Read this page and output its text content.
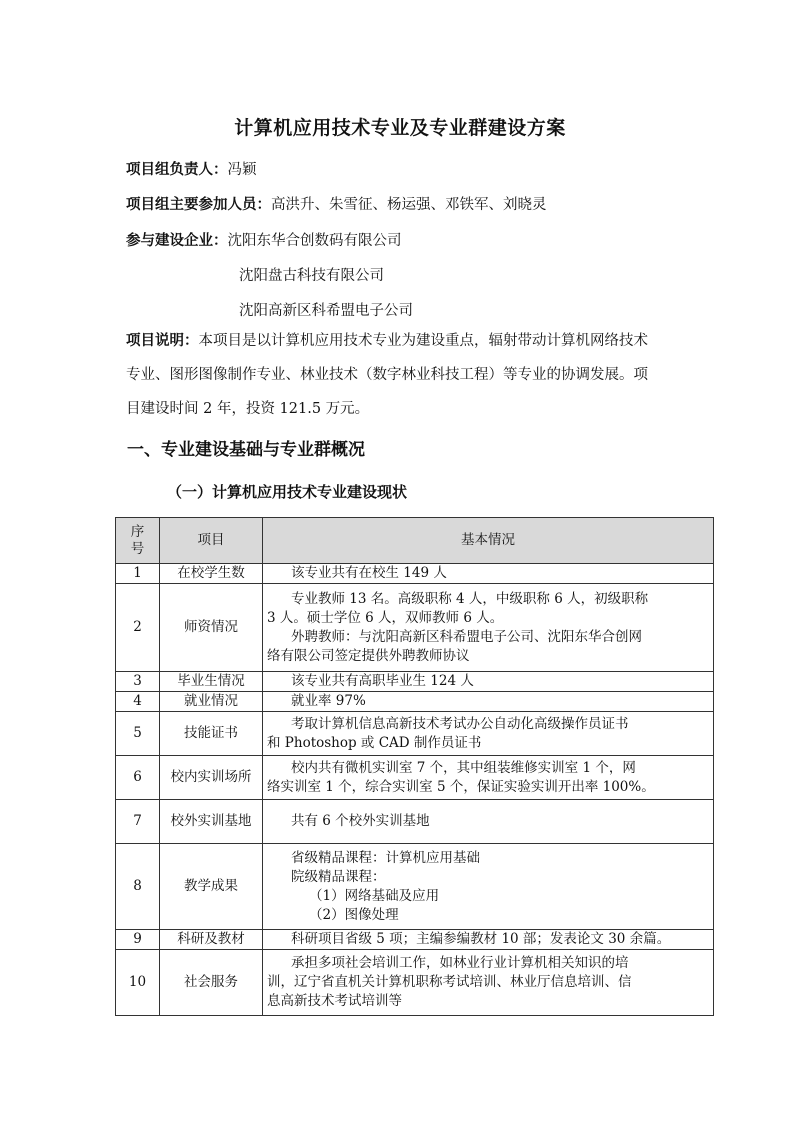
计算机应用技术专业及专业群建设方案
项目组负责人：冯颖
项目组主要参加人员：高洪升、朱雪征、杨运强、邓铁军、刘晓灵
参与建设企业：沈阳东华合创数码有限公司
沈阳盘古科技有限公司
沈阳高新区科希盟电子公司
项目说明：本项目是以计算机应用技术专业为建设重点，辐射带动计算机网络技术
专业、图形图像制作专业、林业技术（数字林业科技工程）等专业的协调发展。项
目建设时间 2 年，投资 121.5 万元。
一、专业建设基础与专业群概况
（一）计算机应用技术专业建设现状
序号	项目	基本情况
1	在校学生数	该专业共有在校生 149 人

2	师资情况	专业教师 13 名。高级职称 4 人，中级职称 6 人，初级职称
3 人。硕士学位 6 人，双师教师 6 人。
外聘教师：与沈阳高新区科希盟电子公司、沈阳东华合创网
络有限公司签定提供外聘教师协议

3	毕业生情况	该专业共有高职毕业生 124 人

4	就业情况	就业率 97%

5	技能证书	考取计算机信息高新技术考试办公自动化高级操作员证书
和 Photoshop 或 CAD 制作员证书

6	校内实训场所	校内共有微机实训室 7 个，其中组装维修实训室 1 个，网
络实训室 1 个，综合实训室 5 个，保证实验实训开出率 100%。

7	校外实训基地	共有 6 个校外实训基地

8	教学成果	省级精品课程：计算机应用基础
院级精品课程：
（1）网络基础及应用
（2）图像处理

9	科研及教材	科研项目省级 5 项；主编参编教材 10 部；发表论文 30 余篇。

10	社会服务	承担多项社会培训工作，如林业行业计算机相关知识的培
训，辽宁省直机关计算机职称考试培训、林业厅信息培训、信
息高新技术考试培训等
